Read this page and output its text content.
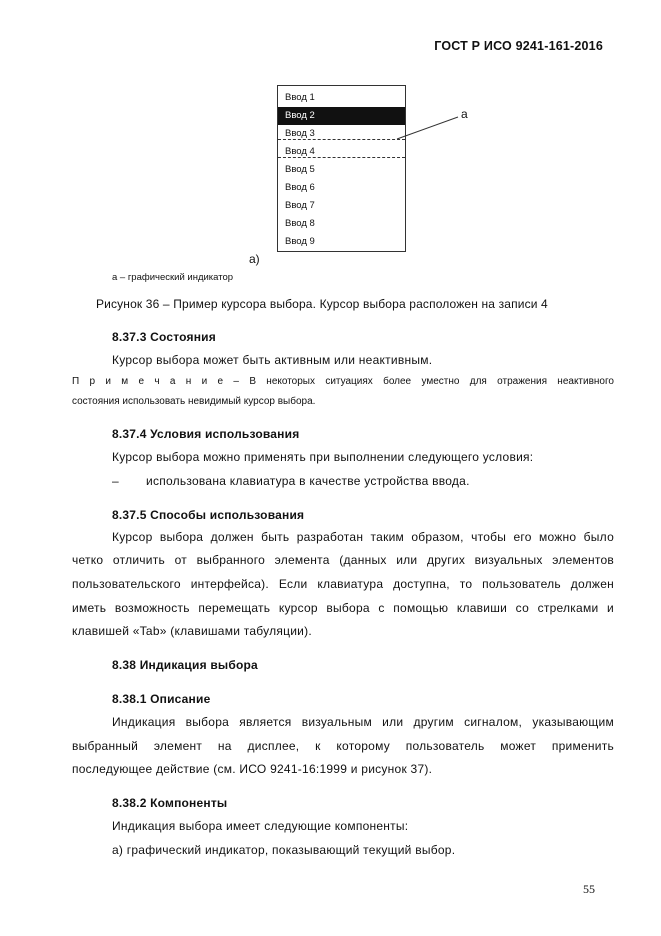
ГОСТ Р ИСО 9241-161-2016
Ввод 1
Ввод 2
Ввод 3
Ввод 4
Ввод 5
Ввод 6
Ввод 7
Ввод 8
Ввод 9
a
а)
а – графический индикатор
Рисунок 36 – Пример курсора выбора. Курсор выбора расположен на записи 4
8.37.3 Состояния
Курсор выбора может быть активным или неактивным.
П р и м е ч а н и е – В некоторых ситуациях более уместно для отражения неактивного
состояния использовать невидимый курсор выбора.
8.37.4 Условия использования
Курсор выбора можно применять при выполнении следующего условия:
– использована клавиатура в качестве устройства ввода.
8.37.5 Способы использования
Курсор выбора должен быть разработан таким образом, чтобы его можно было
четко отличить от выбранного элемента (данных или других визуальных элементов
пользовательского интерфейса). Если клавиатура доступна, то пользователь должен
иметь возможность перемещать курсор выбора с помощью клавиши со стрелками и
клавишей «Tab» (клавишами табуляции).
8.38 Индикация выбора
8.38.1 Описание
Индикация выбора является визуальным или другим сигналом, указывающим
выбранный элемент на дисплее, к которому пользователь может применить
последующее действие (см. ИСО 9241-16:1999 и рисунок 37).
8.38.2 Компоненты
Индикация выбора имеет следующие компоненты:
а) графический индикатор, показывающий текущий выбор.
55
